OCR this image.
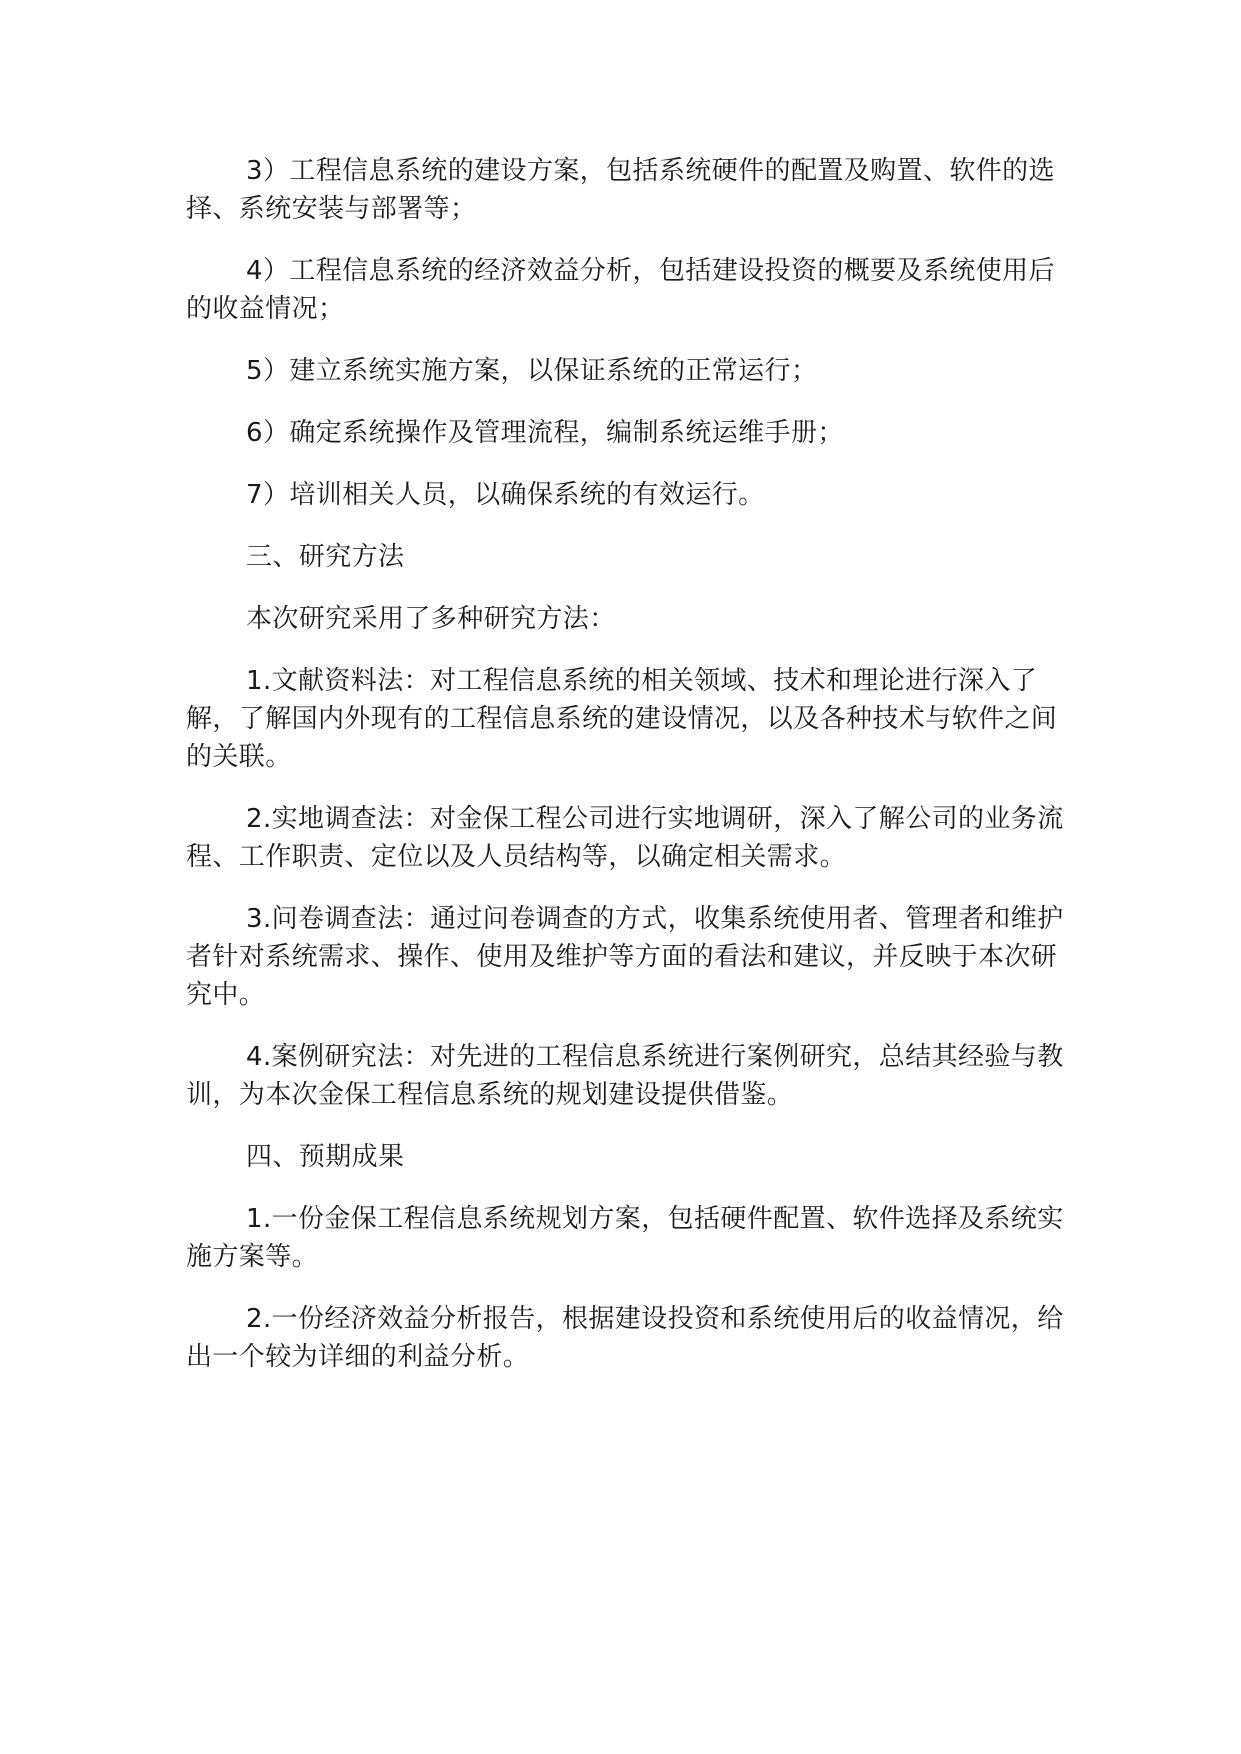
3）工程信息系统的建设方案，包括系统硬件的配置及购置、软件的选择、系统安装与部署等；

4）工程信息系统的经济效益分析，包括建设投资的概要及系统使用后的收益情况；

5）建立系统实施方案，以保证系统的正常运行；

6）确定系统操作及管理流程，编制系统运维手册；

7）培训相关人员，以确保系统的有效运行。

三、研究方法

本次研究采用了多种研究方法：

1.文献资料法：对工程信息系统的相关领域、技术和理论进行深入了解，了解国内外现有的工程信息系统的建设情况，以及各种技术与软件之间的关联。

2.实地调查法：对金保工程公司进行实地调研，深入了解公司的业务流程、工作职责、定位以及人员结构等，以确定相关需求。

3.问卷调查法：通过问卷调查的方式，收集系统使用者、管理者和维护者针对系统需求、操作、使用及维护等方面的看法和建议，并反映于本次研究中。

4.案例研究法：对先进的工程信息系统进行案例研究，总结其经验与教训，为本次金保工程信息系统的规划建设提供借鉴。

四、预期成果

1.一份金保工程信息系统规划方案，包括硬件配置、软件选择及系统实施方案等。

2.一份经济效益分析报告，根据建设投资和系统使用后的收益情况，给出一个较为详细的利益分析。
